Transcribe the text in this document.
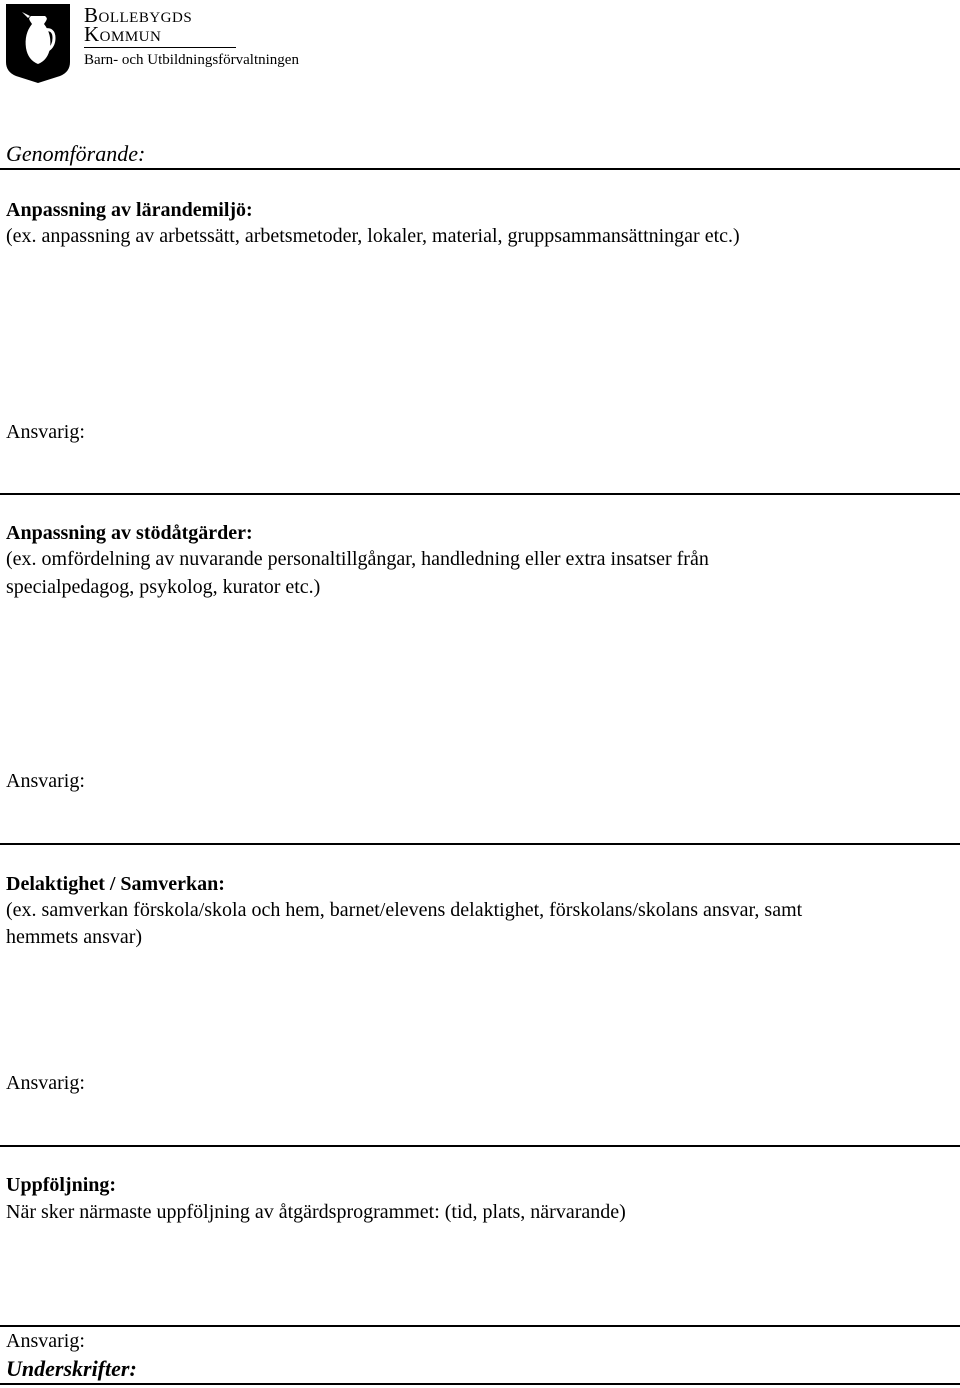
Bollebygds
Kommun
Barn- och Utbildningsförvaltningen
Genomförande:
Anpassning av lärandemiljö:
(ex. anpassning av arbetssätt, arbetsmetoder, lokaler, material, gruppsammansättningar etc.)
Ansvarig:
Anpassning av stödåtgärder:
(ex. omfördelning av nuvarande personaltillgångar, handledning eller extra insatser från
specialpedagog, psykolog, kurator etc.)
Ansvarig:
Delaktighet / Samverkan:
(ex. samverkan förskola/skola och hem, barnet/elevens delaktighet, förskolans/skolans ansvar, samt
hemmets ansvar)
Ansvarig:
Uppföljning:
När sker närmaste uppföljning av åtgärdsprogrammet: (tid, plats, närvarande)
Ansvarig:
Underskrifter:
